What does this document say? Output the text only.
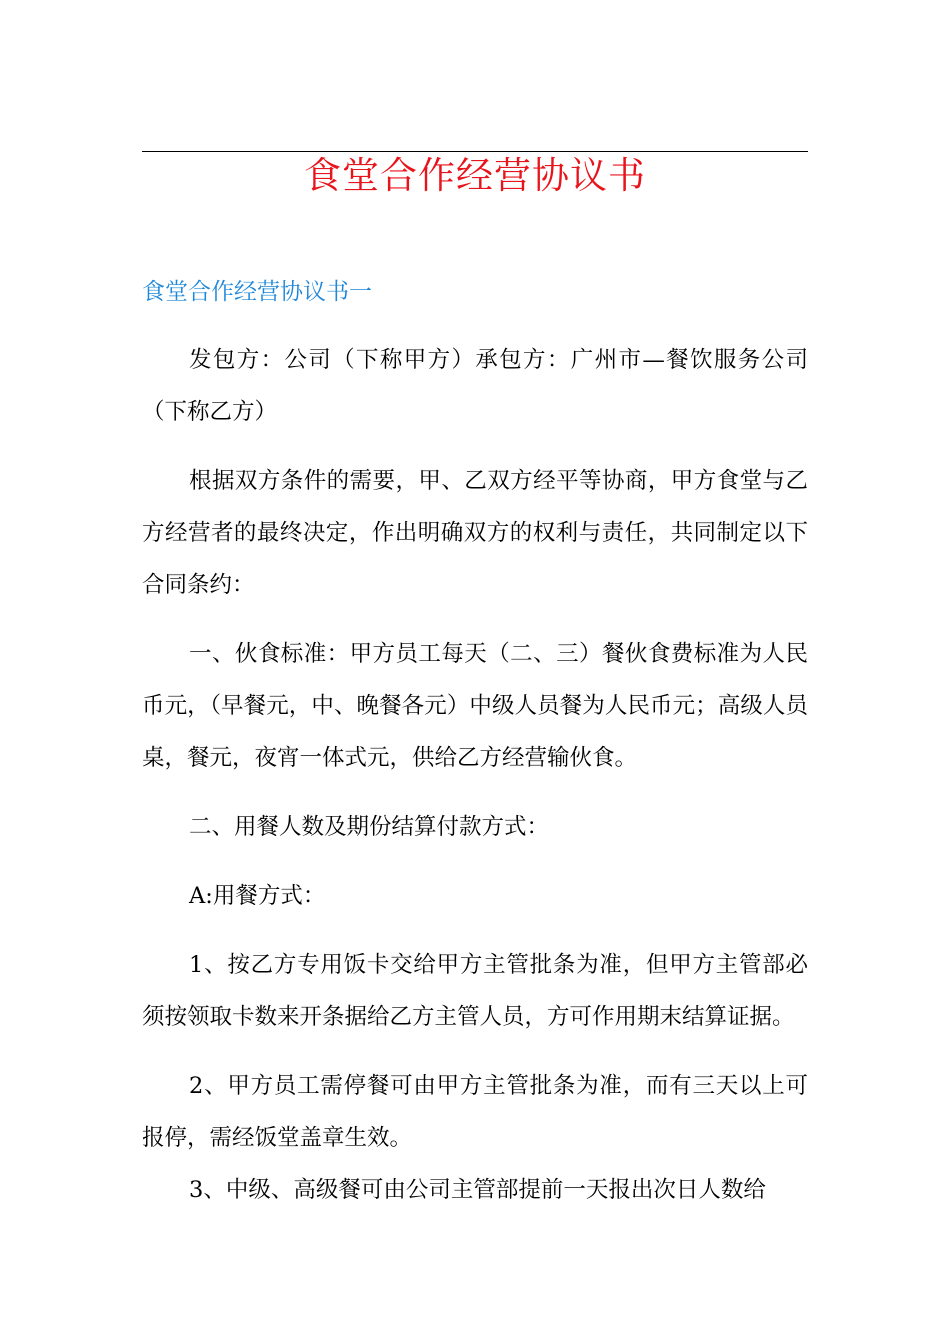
食堂合作经营协议书
食堂合作经营协议书一

发包方：公司（下称甲方）承包方：广州市—餐饮服务公司（下称乙方）

根据双方条件的需要，甲、乙双方经平等协商，甲方食堂与乙方经营者的最终决定，作出明确双方的权利与责任，共同制定以下合同条约：

一、伙食标准：甲方员工每天（二、三）餐伙食费标准为人民币元，（早餐元，中、晚餐各元）中级人员餐为人民币元；高级人员桌，餐元，夜宵一体式元，供给乙方经营输伙食。

二、用餐人数及期份结算付款方式：

A:用餐方式：

1、按乙方专用饭卡交给甲方主管批条为准，但甲方主管部必须按领取卡数来开条据给乙方主管人员，方可作用期末结算证据。

2、甲方员工需停餐可由甲方主管批条为准，而有三天以上可报停，需经饭堂盖章生效。

3、中级、高级餐可由公司主管部提前一天报出次日人数给
